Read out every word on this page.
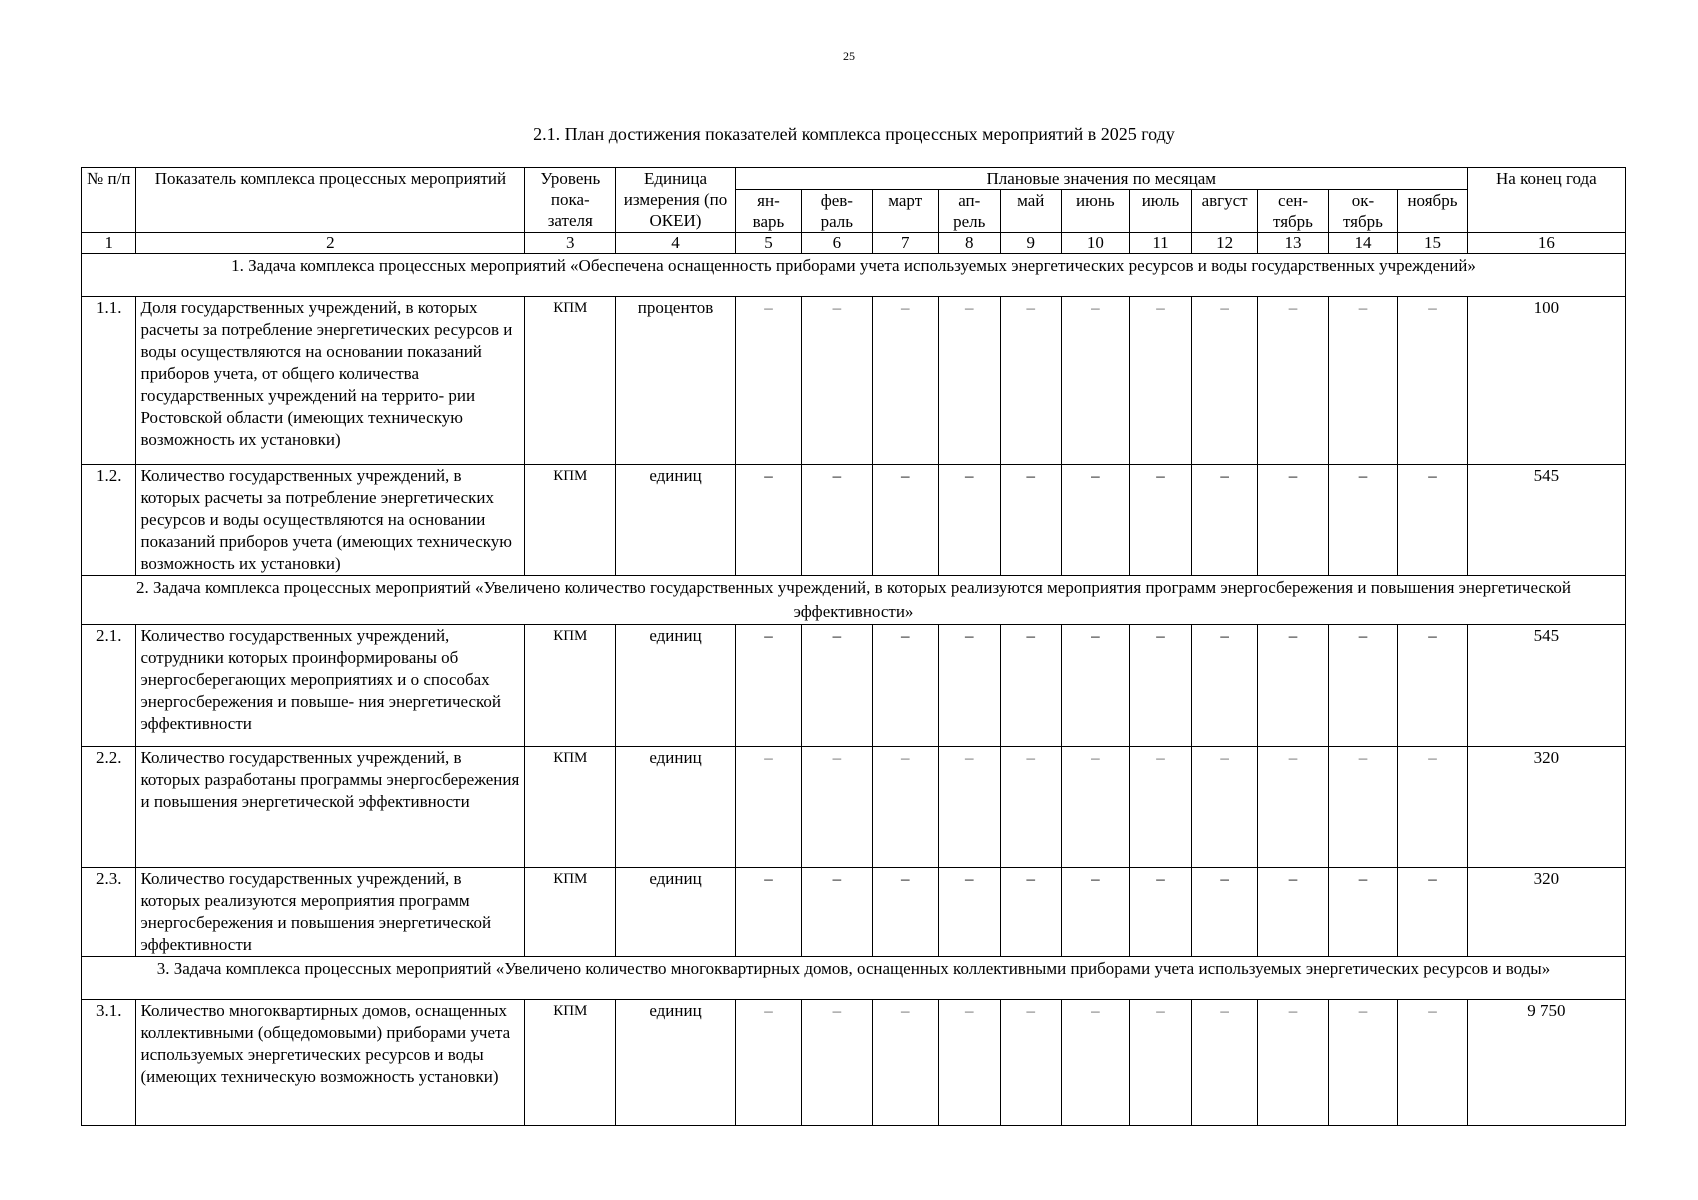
25
2.1. План достижения показателей комплекса процессных мероприятий в 2025 году
№ п/п	Показатель комплекса процессных мероприятий	Уровень пока- зателя	Единица измерения (по ОКЕИ)	Плановые значения по месяцам											На конец года
				ян- варь	фев- раль	март	ап- рель	май	июнь	июль	август	сен- тябрь	ок- тябрь	ноябрь	
1	2	3	4	5	6	7	8	9	10	11	12	13	14	15	16
1. Задача комплекса процессных мероприятий «Обеспечена оснащенность приборами учета используемых энергетических ресурсов и воды государственных учреждений»															
1.1.	Доля государственных учреждений, в которых расчеты за потребление энергетических ресурсов и воды осуществляются на основании показаний приборов учета, от общего количества государственных учреждений на террито- рии Ростовской области (имеющих техническую возможность их установки)	КПМ	процентов	–	–	–	–	–	–	–	–	–	–	–	100
1.2.	Количество государственных учреждений, в которых расчеты за потребление энергетических ресурсов и воды осуществляются на основании показаний приборов учета (имеющих техническую возможность их установки)	КПМ	единиц	–	–	–	–	–	–	–	–	–	–	–	545
2. Задача комплекса процессных мероприятий «Увеличено количество государственных учреждений, в которых реализуются мероприятия программ энергосбережения и повышения энергетической эффективности»															
2.1.	Количество государственных учреждений, сотрудники которых проинформированы об энергосберегающих мероприятиях и о способах энергосбережения и повыше- ния энергетической эффективности	КПМ	единиц	–	–	–	–	–	–	–	–	–	–	–	545
2.2.	Количество государственных учреждений, в которых разработаны программы энергосбережения и повышения энергетической эффективности	КПМ	единиц	–	–	–	–	–	–	–	–	–	–	–	320
2.3.	Количество государственных учреждений, в которых реализуются мероприятия программ энергосбережения и повышения энергетической эффективности	КПМ	единиц	–	–	–	–	–	–	–	–	–	–	–	320
3. Задача комплекса процессных мероприятий «Увеличено количество многоквартирных домов, оснащенных коллективными приборами учета используемых энергетических ресурсов и воды»															
3.1.	Количество многоквартирных домов, оснащенных коллективными (общедомовыми) приборами учета используемых энергетических ресурсов и воды (имеющих техническую возможность установки)	КПМ	единиц	–	–	–	–	–	–	–	–	–	–	–	9 750
